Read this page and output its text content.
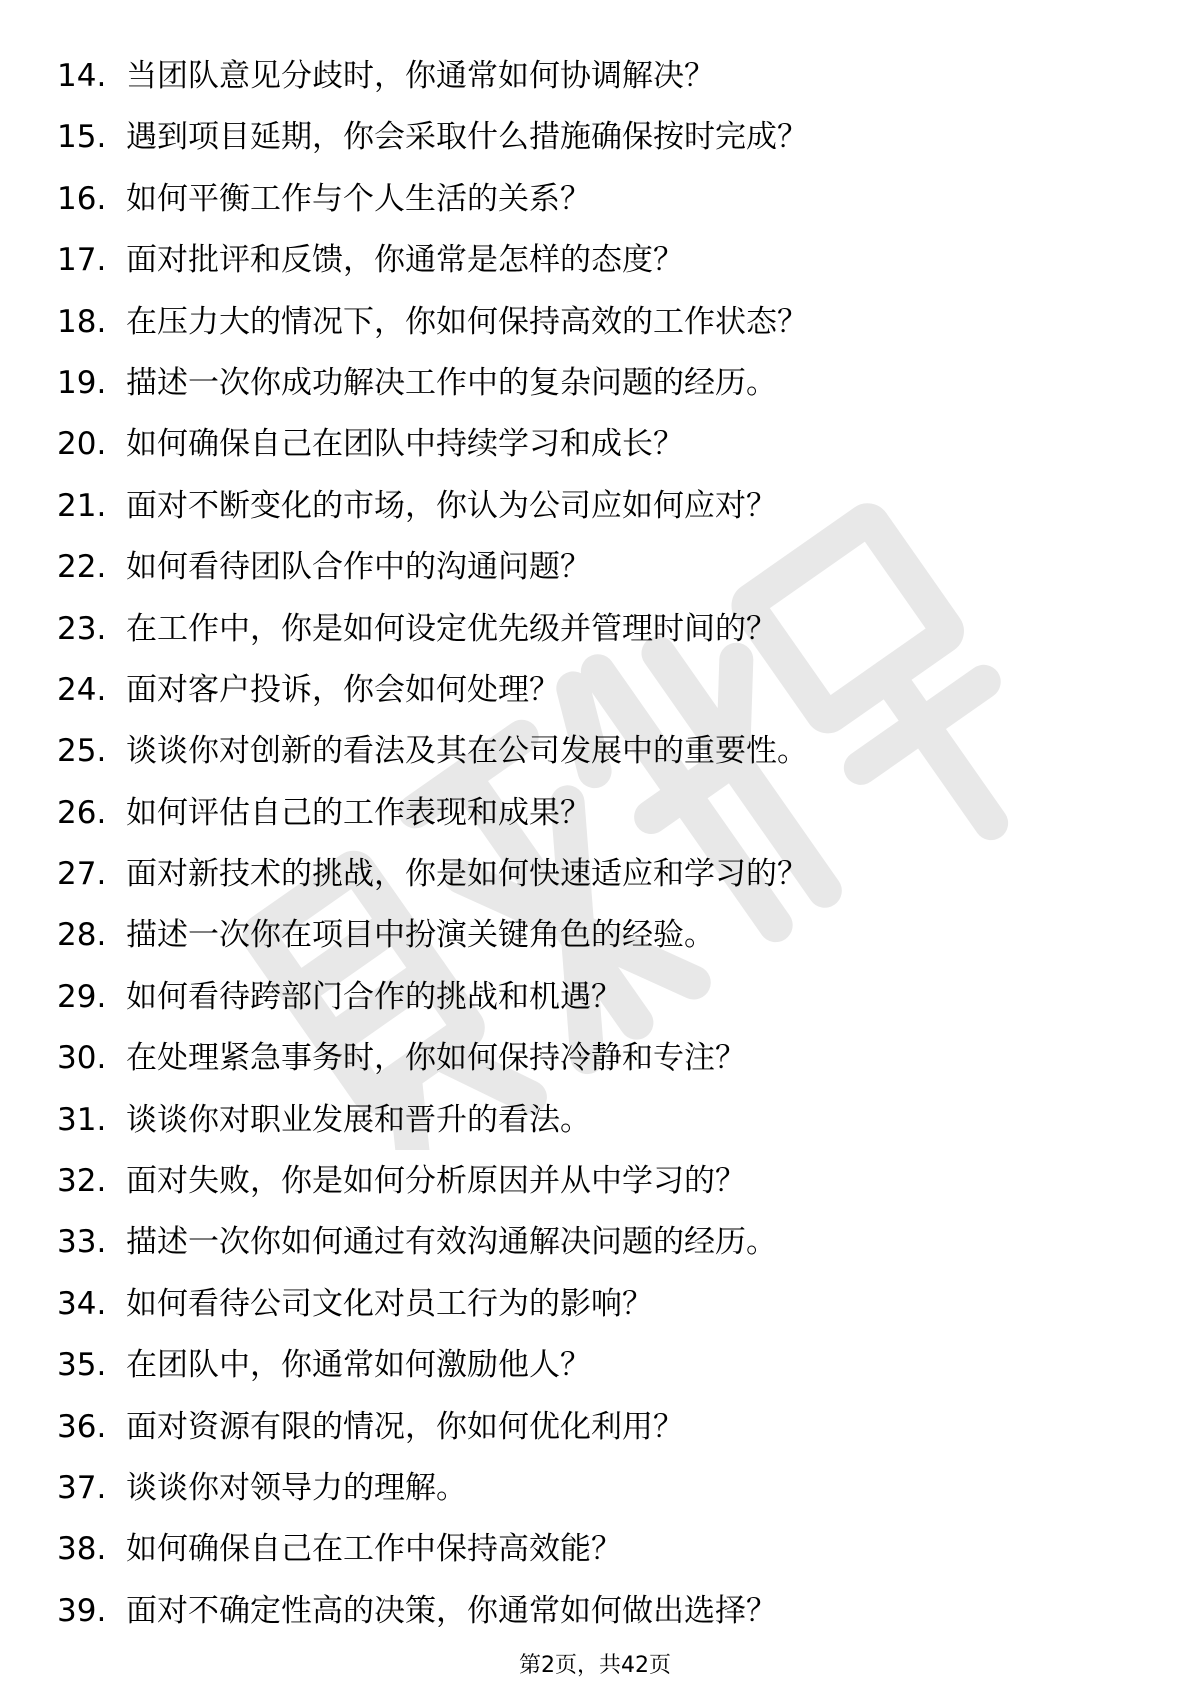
14. 当团队意见分歧时，你通常如何协调解决？
15. 遇到项目延期，你会采取什么措施确保按时完成？
16. 如何平衡工作与个人生活的关系？
17. 面对批评和反馈，你通常是怎样的态度？
18. 在压力大的情况下，你如何保持高效的工作状态？
19. 描述一次你成功解决工作中的复杂问题的经历。
20. 如何确保自己在团队中持续学习和成长？
21. 面对不断变化的市场，你认为公司应如何应对？
22. 如何看待团队合作中的沟通问题？
23. 在工作中，你是如何设定优先级并管理时间的？
24. 面对客户投诉，你会如何处理？
25. 谈谈你对创新的看法及其在公司发展中的重要性。
26. 如何评估自己的工作表现和成果？
27. 面对新技术的挑战，你是如何快速适应和学习的？
28. 描述一次你在项目中扮演关键角色的经验。
29. 如何看待跨部门合作的挑战和机遇？
30. 在处理紧急事务时，你如何保持冷静和专注？
31. 谈谈你对职业发展和晋升的看法。
32. 面对失败，你是如何分析原因并从中学习的？
33. 描述一次你如何通过有效沟通解决问题的经历。
34. 如何看待公司文化对员工行为的影响？
35. 在团队中，你通常如何激励他人？
36. 面对资源有限的情况，你如何优化利用？
37. 谈谈你对领导力的理解。
38. 如何确保自己在工作中保持高效能？
39. 面对不确定性高的决策，你通常如何做出选择？
第2页，共42页
